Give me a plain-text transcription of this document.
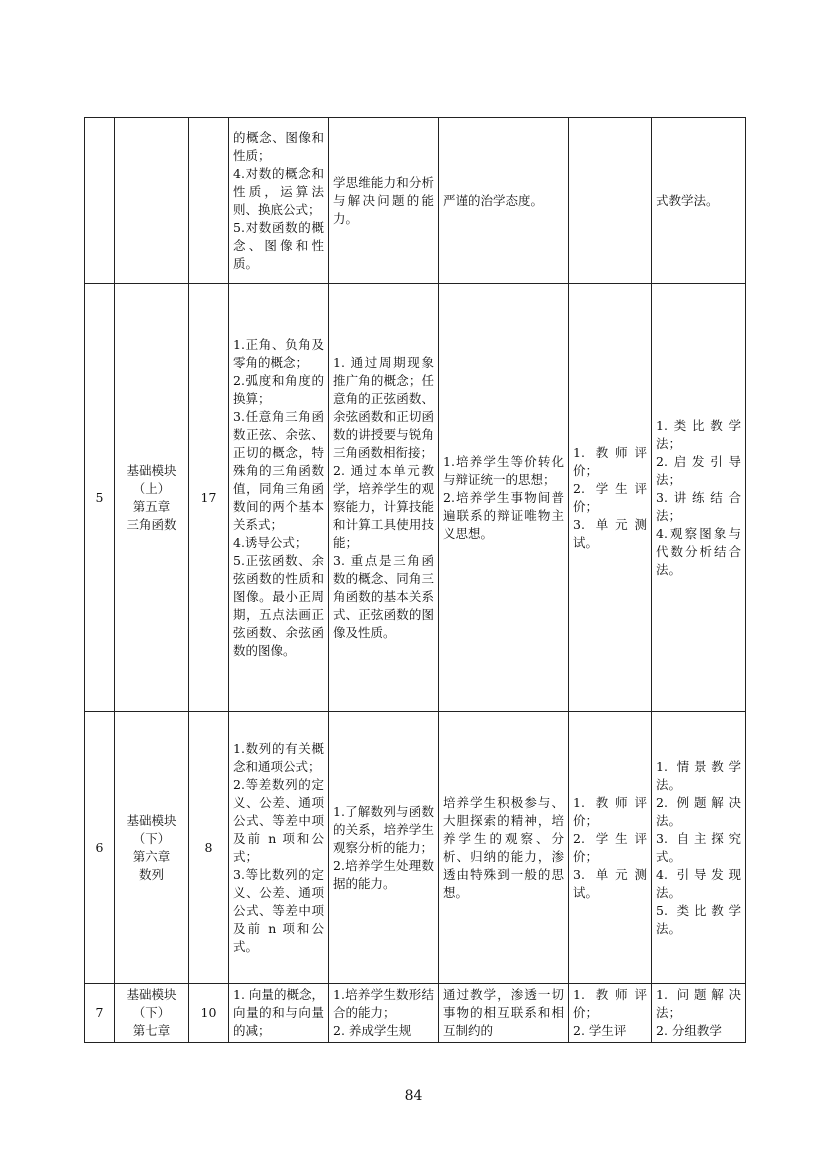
			的概念、图像和性质；
4.对数的概念和性质，运算法则、换底公式；
5.对数函数的概念、图像和性质。	学思维能力和分析与解决问题的能力。	严谨的治学态度。		式教学法。

5	基础模块
（上）
第五章
三角函数	17	1.正角、负角及零角的概念；
2.弧度和角度的换算；
3.任意角三角函数正弦、余弦、正切的概念，特殊角的三角函数值，同角三角函数间的两个基本关系式；
4.诱导公式；
5.正弦函数、余弦函数的性质和图像。最小正周期，五点法画正弦函数、余弦函数的图像。	1. 通过周期现象推广角的概念；任意角的正弦函数、余弦函数和正切函数的讲授要与锐角三角函数相衔接；
2. 通过本单元教学，培养学生的观察能力，计算技能和计算工具使用技能；
3. 重点是三角函数的概念、同角三角函数的基本关系式、正弦函数的图像及性质。	1.培养学生等价转化与辩证统一的思想；
2.培养学生事物间普遍联系的辩证唯物主义思想。	1. 教师评价；
2. 学生评价；
3. 单元测试。	1.类比教学法；
2.启发引导法；
3.讲练结合法；
4.观察图象与代数分析结合法。

6	基础模块
（下）
第六章
数列	8	1.数列的有关概念和通项公式；
2.等差数列的定义、公差、通项公式、等差中项及前 n 项和公式；
3.等比数列的定义、公差、通项公式、等差中项及前 n 项和公式。	1.了解数列与函数的关系，培养学生观察分析的能力；
2.培养学生处理数据的能力。	培养学生积极参与、大胆探索的精神，培养学生的观察、分析、归纳的能力，渗透由特殊到一般的思想。	1. 教师评价；
2. 学生评价；
3. 单元测试。	1. 情景教学法。
2. 例题解决法。
3. 自主探究式。
4. 引导发现法。
5. 类比教学法。

7	基础模块
（下）
第七章	10	1. 向量的概念，向量的和与向量的减；	1.培养学生数形结合的能力；
2. 养成学生规	通过教学，渗透一切事物的相互联系和相互制约的	1. 教师评价；
2. 学生评	1. 问题解决法；
2. 分组教学
84
